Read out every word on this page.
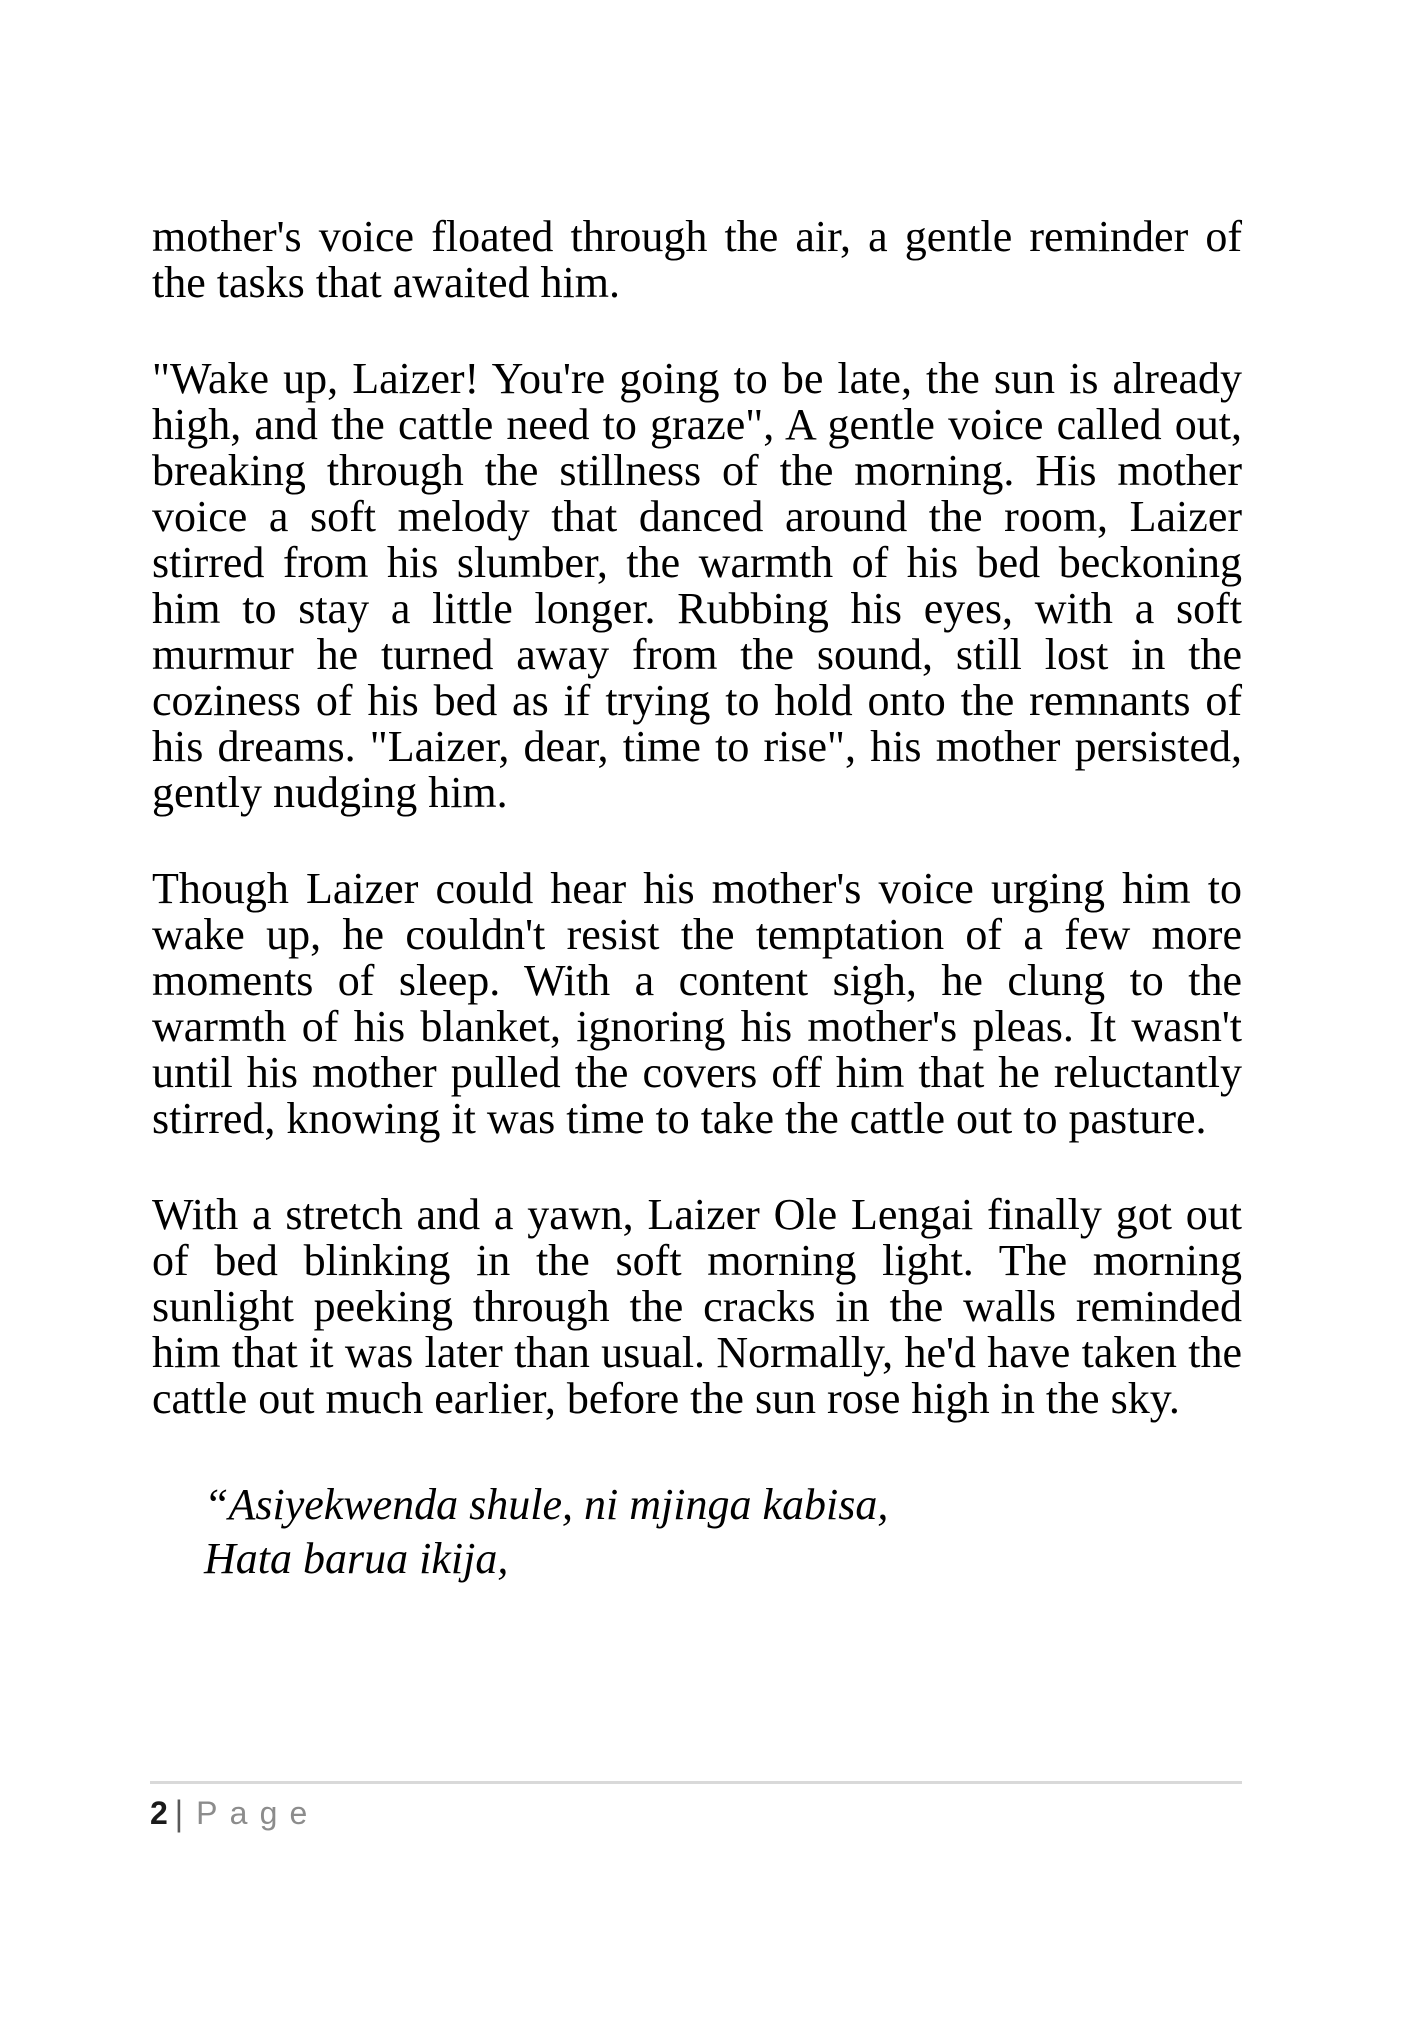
mother's voice floated through the air, a gentle reminder of the tasks that awaited him.

"Wake up, Laizer! You're going to be late, the sun is already high, and the cattle need to graze", A gentle voice called out, breaking through the stillness of the morning. His mother voice a soft melody that danced around the room, Laizer stirred from his slumber, the warmth of his bed beckoning him to stay a little longer. Rubbing his eyes, with a soft murmur he turned away from the sound, still lost in the coziness of his bed as if trying to hold onto the remnants of his dreams. "Laizer, dear, time to rise", his mother persisted, gently nudging him.

Though Laizer could hear his mother's voice urging him to wake up, he couldn't resist the temptation of a few more moments of sleep. With a content sigh, he clung to the warmth of his blanket, ignoring his mother's pleas. It wasn't until his mother pulled the covers off him that he reluctantly stirred, knowing it was time to take the cattle out to pasture.

With a stretch and a yawn, Laizer Ole Lengai finally got out of bed blinking in the soft morning light. The morning sunlight peeking through the cracks in the walls reminded him that it was later than usual. Normally, he'd have taken the cattle out much earlier, before the sun rose high in the sky.

“Asiyekwenda shule, ni mjinga kabisa,
Hata barua ikija,
2 | Page
